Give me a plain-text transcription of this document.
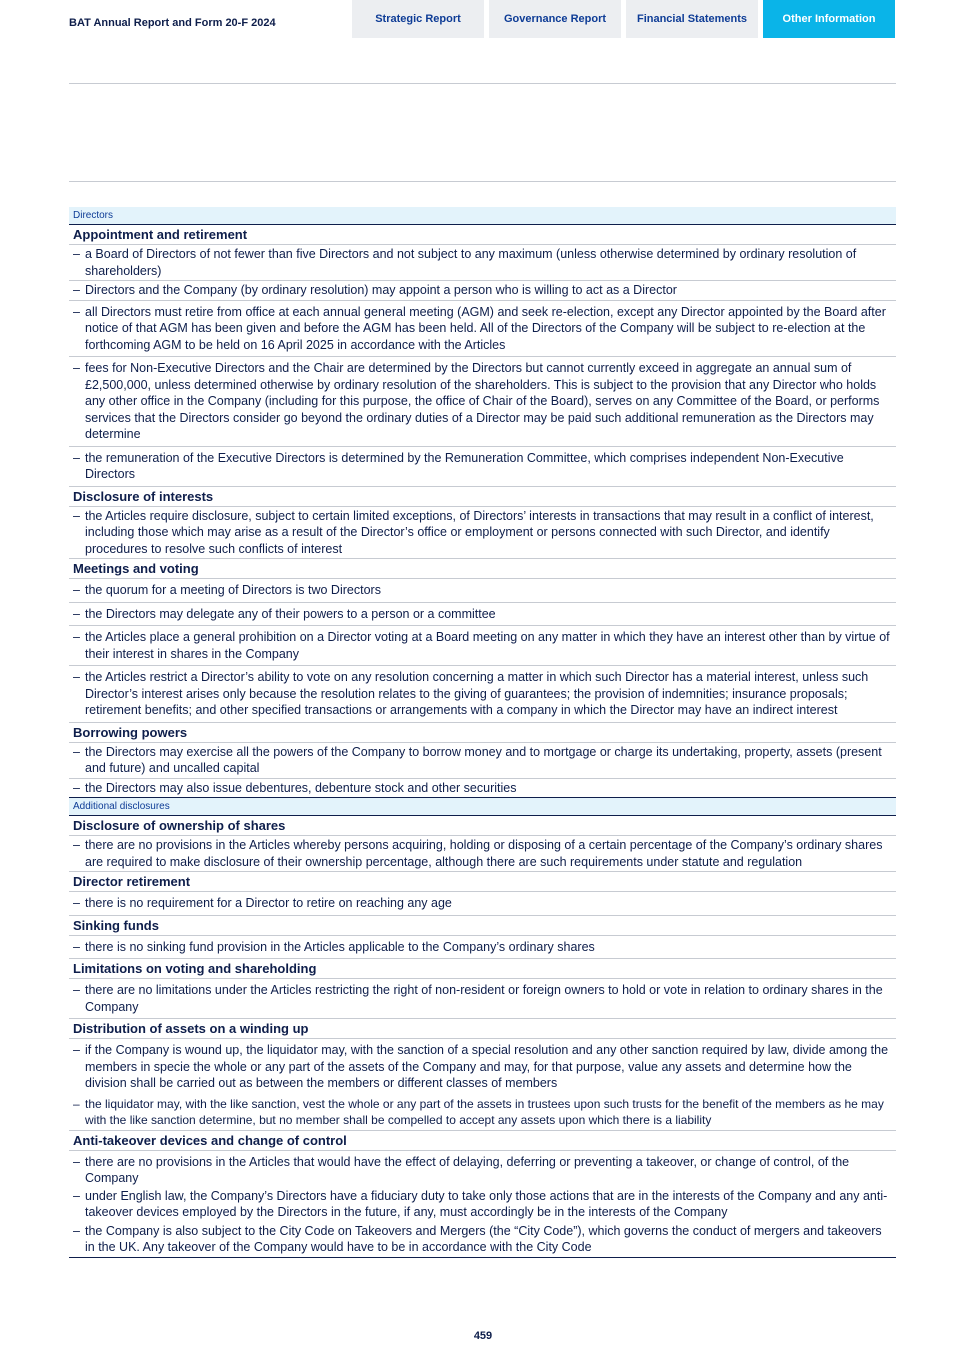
BAT Annual Report and Form 20-F 2024	Strategic Report	Governance Report	Financial Statements	Other Information
Directors
Appointment and retirement
– a Board of Directors of not fewer than five Directors and not subject to any maximum (unless otherwise determined by ordinary resolution of shareholders)
– Directors and the Company (by ordinary resolution) may appoint a person who is willing to act as a Director
– all Directors must retire from office at each annual general meeting (AGM) and seek re-election, except any Director appointed by the Board after notice of that AGM has been given and before the AGM has been held. All of the Directors of the Company will be subject to re-election at the forthcoming AGM to be held on 16 April 2025 in accordance with the Articles
– fees for Non-Executive Directors and the Chair are determined by the Directors but cannot currently exceed in aggregate an annual sum of £2,500,000, unless determined otherwise by ordinary resolution of the shareholders. This is subject to the provision that any Director who holds any other office in the Company (including for this purpose, the office of Chair of the Board), serves on any Committee of the Board, or performs services that the Directors consider go beyond the ordinary duties of a Director may be paid such additional remuneration as the Directors may determine
– the remuneration of the Executive Directors is determined by the Remuneration Committee, which comprises independent Non-Executive Directors
Disclosure of interests
– the Articles require disclosure, subject to certain limited exceptions, of Directors’ interests in transactions that may result in a conflict of interest, including those which may arise as a result of the Director’s office or employment or persons connected with such Director, and identify procedures to resolve such conflicts of interest
Meetings and voting
– the quorum for a meeting of Directors is two Directors
– the Directors may delegate any of their powers to a person or a committee
– the Articles place a general prohibition on a Director voting at a Board meeting on any matter in which they have an interest other than by virtue of their interest in shares in the Company
– the Articles restrict a Director’s ability to vote on any resolution concerning a matter in which such Director has a material interest, unless such Director’s interest arises only because the resolution relates to the giving of guarantees; the provision of indemnities; insurance proposals; retirement benefits; and other specified transactions or arrangements with a company in which the Director may have an indirect interest
Borrowing powers
– the Directors may exercise all the powers of the Company to borrow money and to mortgage or charge its undertaking, property, assets (present and future) and uncalled capital
– the Directors may also issue debentures, debenture stock and other securities
Additional disclosures
Disclosure of ownership of shares
– there are no provisions in the Articles whereby persons acquiring, holding or disposing of a certain percentage of the Company’s ordinary shares are required to make disclosure of their ownership percentage, although there are such requirements under statute and regulation
Director retirement
– there is no requirement for a Director to retire on reaching any age
Sinking funds
– there is no sinking fund provision in the Articles applicable to the Company’s ordinary shares
Limitations on voting and shareholding
– there are no limitations under the Articles restricting the right of non-resident or foreign owners to hold or vote in relation to ordinary shares in the Company
Distribution of assets on a winding up
– if the Company is wound up, the liquidator may, with the sanction of a special resolution and any other sanction required by law, divide among the members in specie the whole or any part of the assets of the Company and may, for that purpose, value any assets and determine how the division shall be carried out as between the members or different classes of members
– the liquidator may, with the like sanction, vest the whole or any part of the assets in trustees upon such trusts for the benefit of the members as he may with the like sanction determine, but no member shall be compelled to accept any assets upon which there is a liability
Anti-takeover devices and change of control
– there are no provisions in the Articles that would have the effect of delaying, deferring or preventing a takeover, or change of control, of the Company
– under English law, the Company’s Directors have a fiduciary duty to take only those actions that are in the interests of the Company and any anti-takeover devices employed by the Directors in the future, if any, must accordingly be in the interests of the Company
– the Company is also subject to the City Code on Takeovers and Mergers (the “City Code”), which governs the conduct of mergers and takeovers in the UK. Any takeover of the Company would have to be in accordance with the City Code
459
